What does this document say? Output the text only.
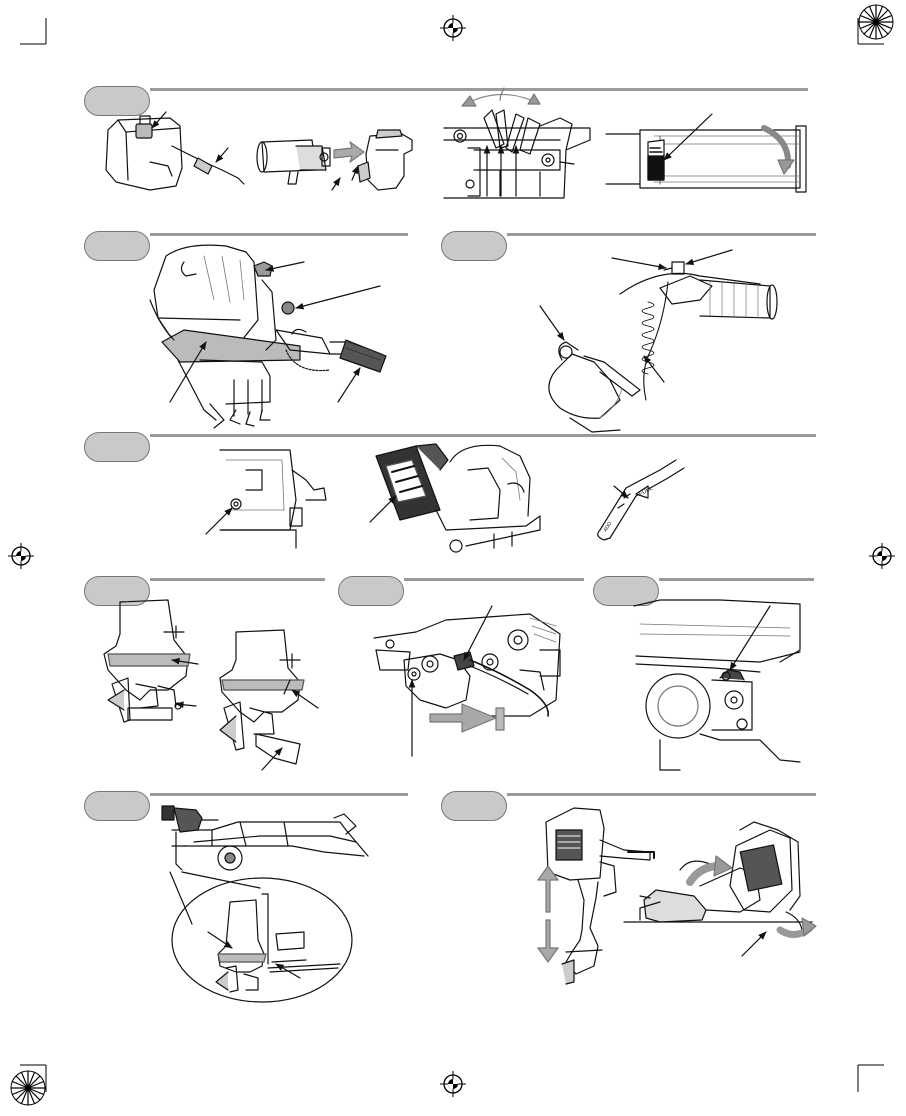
FULL
ADD
